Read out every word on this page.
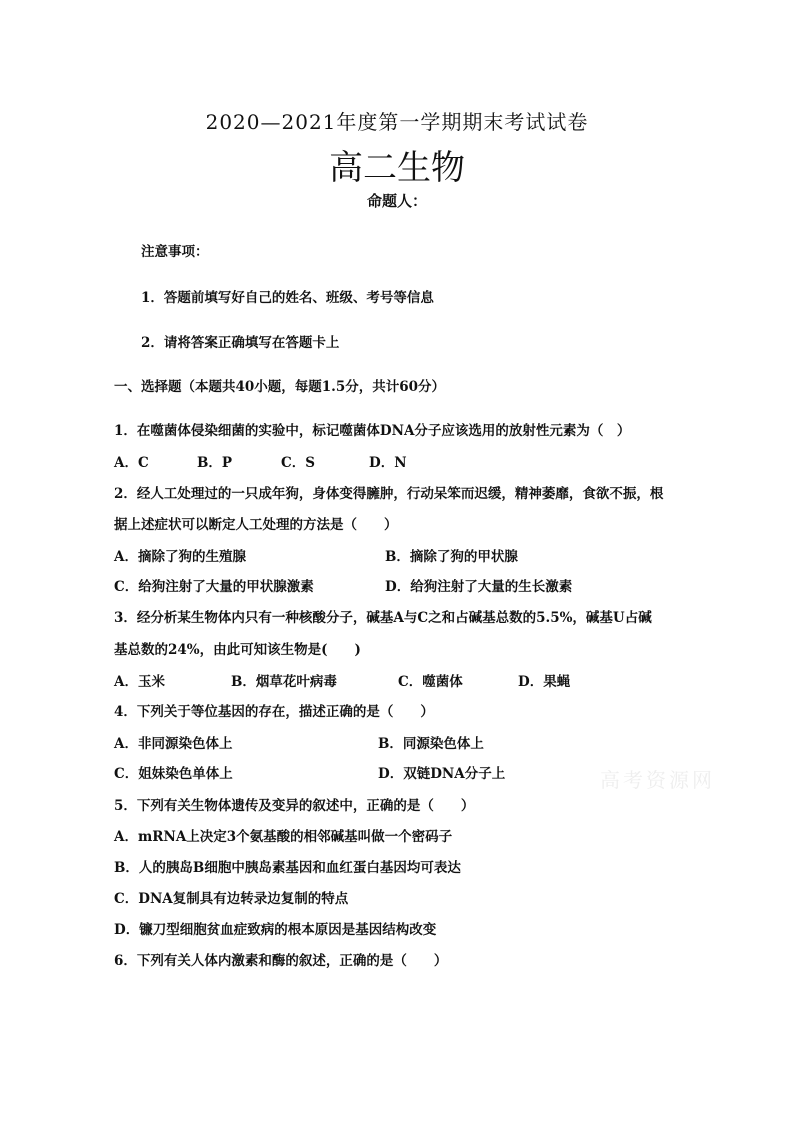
2020—2021年度第一学期期末考试试卷
高二生物
命题人：
注意事项：
1．答题前填写好自己的姓名、班级、考号等信息
2．请将答案正确填写在答题卡上
一、选择题（本题共40小题，每题1.5分，共计60分）
1．在噬菌体侵染细菌的实验中，标记噬菌体DNA分子应该选用的放射性元素为（　）
A．C	B．P	C．S	D．N
2．经人工处理过的一只成年狗，身体变得臃肿，行动呆笨而迟缓，精神萎靡，食欲不振，根
据上述症状可以断定人工处理的方法是（　　）
A．摘除了狗的生殖腺	B．摘除了狗的甲状腺
C．给狗注射了大量的甲状腺激素	D．给狗注射了大量的生长激素
3．经分析某生物体内只有一种核酸分子，碱基A与C之和占碱基总数的5.5%，碱基U占碱
基总数的24%，由此可知该生物是(　　)
A．玉米	B．烟草花叶病毒	C．噬菌体	D．果蝇
4．下列关于等位基因的存在，描述正确的是（　　）
A．非同源染色体上	B．同源染色体上
C．姐妹染色单体上	D．双链DNA分子上	高考资源网
5．下列有关生物体遗传及变异的叙述中，正确的是（　　）
A．mRNA上决定3个氨基酸的相邻碱基叫做一个密码子
B．人的胰岛B细胞中胰岛素基因和血红蛋白基因均可表达
C．DNA复制具有边转录边复制的特点
D．镰刀型细胞贫血症致病的根本原因是基因结构改变
6．下列有关人体内激素和酶的叙述，正确的是（　　）
